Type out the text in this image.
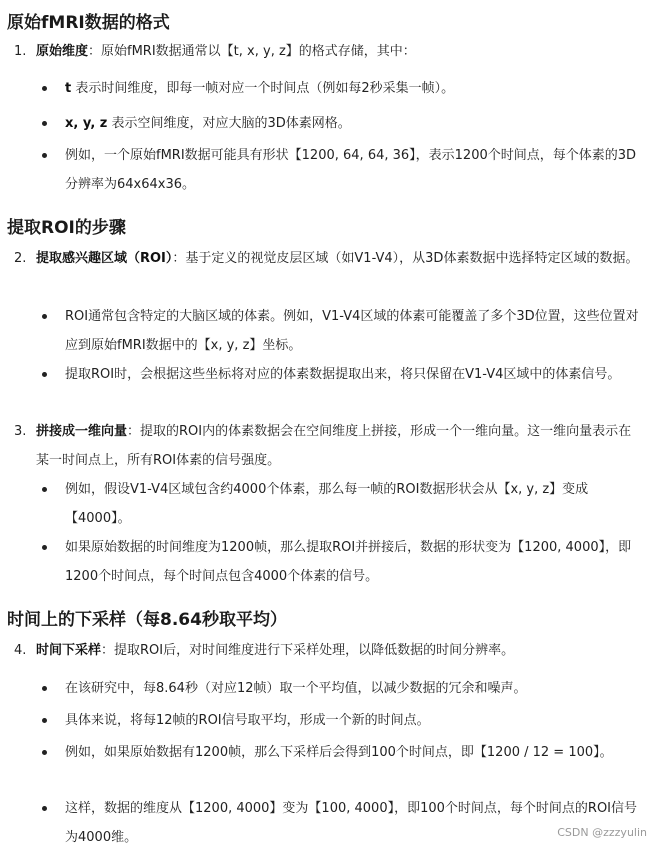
原始fMRI数据的格式
1. 原始维度：原始fMRI数据通常以【t, x, y, z】的格式存储，其中：

t 表示时间维度，即每一帧对应一个时间点（例如每2秒采集一帧）。

x, y, z 表示空间维度，对应大脑的3D体素网格。

例如，一个原始fMRI数据可能具有形状【1200, 64, 64, 36】，表示1200个时间点，每个体素的3D分辨率为64x64x36。

提取ROI的步骤
2. 提取感兴趣区域（ROI）：基于定义的视觉皮层区域（如V1-V4），从3D体素数据中选择特定区域的数据。

ROI通常包含特定的大脑区域的体素。例如，V1-V4区域的体素可能覆盖了多个3D位置，这些位置对应到原始fMRI数据中的【x, y, z】坐标。

提取ROI时，会根据这些坐标将对应的体素数据提取出来，将只保留在V1-V4区域中的体素信号。

3. 拼接成一维向量：提取的ROI内的体素数据会在空间维度上拼接，形成一个一维向量。这一维向量表示在某一时间点上，所有ROI体素的信号强度。

例如，假设V1-V4区域包含约4000个体素，那么每一帧的ROI数据形状会从【x, y, z】变成【4000】。

如果原始数据的时间维度为1200帧，那么提取ROI并拼接后，数据的形状变为【1200, 4000】，即1200个时间点，每个时间点包含4000个体素的信号。

时间上的下采样（每8.64秒取平均）
4. 时间下采样：提取ROI后，对时间维度进行下采样处理，以降低数据的时间分辨率。

在该研究中，每8.64秒（对应12帧）取一个平均值，以减少数据的冗余和噪声。

具体来说，将每12帧的ROI信号取平均，形成一个新的时间点。

例如，如果原始数据有1200帧，那么下采样后会得到100个时间点，即【1200 / 12 = 100】。

这样，数据的维度从【1200, 4000】变为【100, 4000】，即100个时间点，每个时间点的ROI信号为4000维。	CSDN @zzzyulin
